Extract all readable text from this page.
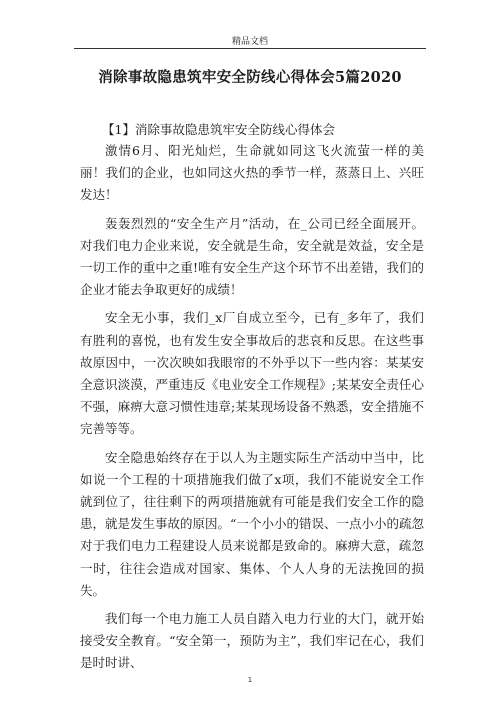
精品文档
消除事故隐患筑牢安全防线心得体会5篇2020
【1】消除事故隐患筑牢安全防线心得体会

激情6月、阳光灿烂，生命就如同这飞火流萤一样的美丽！我们的企业，也如同这火热的季节一样，蒸蒸日上、兴旺发达！

轰轰烈烈的“安全生产月”活动，在_公司已经全面展开。对我们电力企业来说，安全就是生命，安全就是效益，安全是一切工作的重中之重!唯有安全生产这个环节不出差错，我们的企业才能去争取更好的成绩！

安全无小事，我们_x厂自成立至今，已有_多年了，我们有胜利的喜悦，也有发生安全事故后的悲哀和反思。在这些事故原因中，一次次映如我眼帘的不外乎以下一些内容：某某安全意识淡漠，严重违反《电业安全工作规程》;某某安全责任心不强，麻痹大意习惯性违章;某某现场设备不熟悉，安全措施不完善等等。

安全隐患始终存在于以人为主题实际生产活动中当中，比如说一个工程的十项措施我们做了x项，我们不能说安全工作就到位了，往往剩下的两项措施就有可能是我们安全工作的隐患，就是发生事故的原因。“一个小小的错误、一点小小的疏忽对于我们电力工程建设人员来说都是致命的。麻痹大意，疏忽一时，往往会造成对国家、集体、个人人身的无法挽回的损失。

我们每一个电力施工人员自踏入电力行业的大门，就开始接受安全教育。“安全第一，预防为主”，我们牢记在心，我们是时时讲、

1
